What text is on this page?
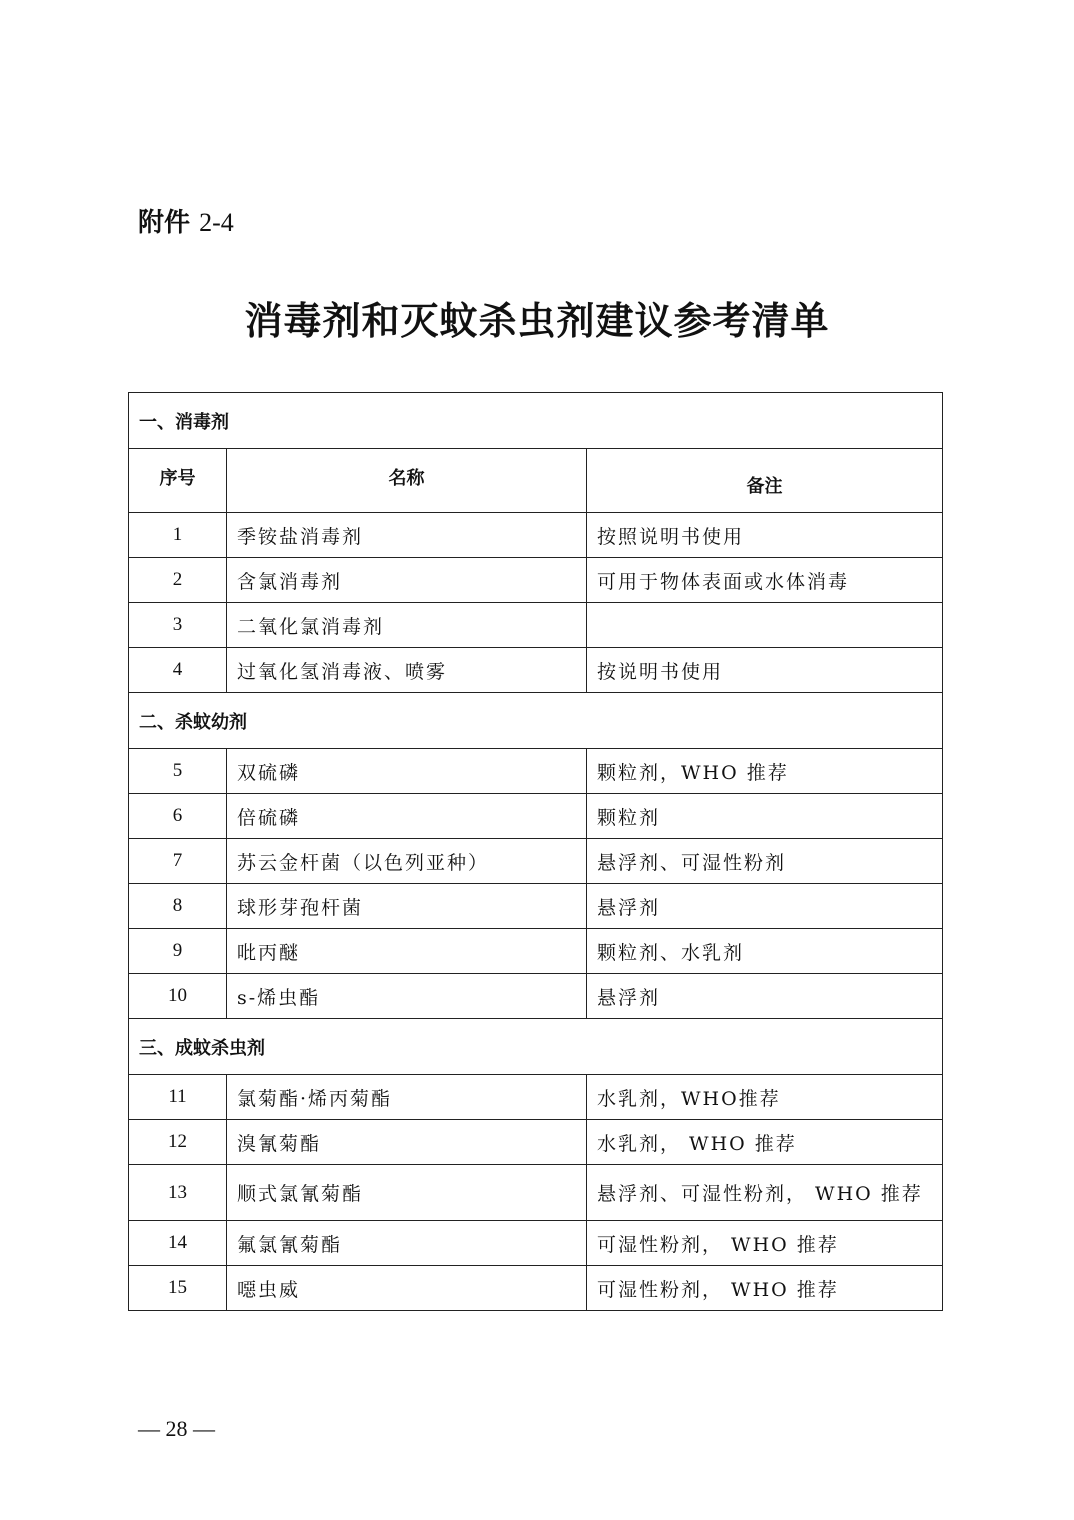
附件 2-4
消毒剂和灭蚊杀虫剂建议参考清单
一、消毒剂		
序号	名称	备注
1	季铵盐消毒剂	按照说明书使用
2	含氯消毒剂	可用于物体表面或水体消毒
3	二氧化氯消毒剂	
4	过氧化氢消毒液、喷雾	按说明书使用
二、杀蚊幼剂		
5	双硫磷	颗粒剂，WHO 推荐
6	倍硫磷	颗粒剂
7	苏云金杆菌（以色列亚种）	悬浮剂、可湿性粉剂
8	球形芽孢杆菌	悬浮剂
9	吡丙醚	颗粒剂、水乳剂
10	s-烯虫酯	悬浮剂
三、成蚊杀虫剂		
11	氯菊酯·烯丙菊酯	水乳剂，WHO推荐
12	溴氰菊酯	水乳剂， WHO 推荐
13	顺式氯氰菊酯	悬浮剂、可湿性粉剂， WHO 推荐
14	氟氯氰菊酯	可湿性粉剂， WHO 推荐
15	噁虫威	可湿性粉剂， WHO 推荐
— 28 —
